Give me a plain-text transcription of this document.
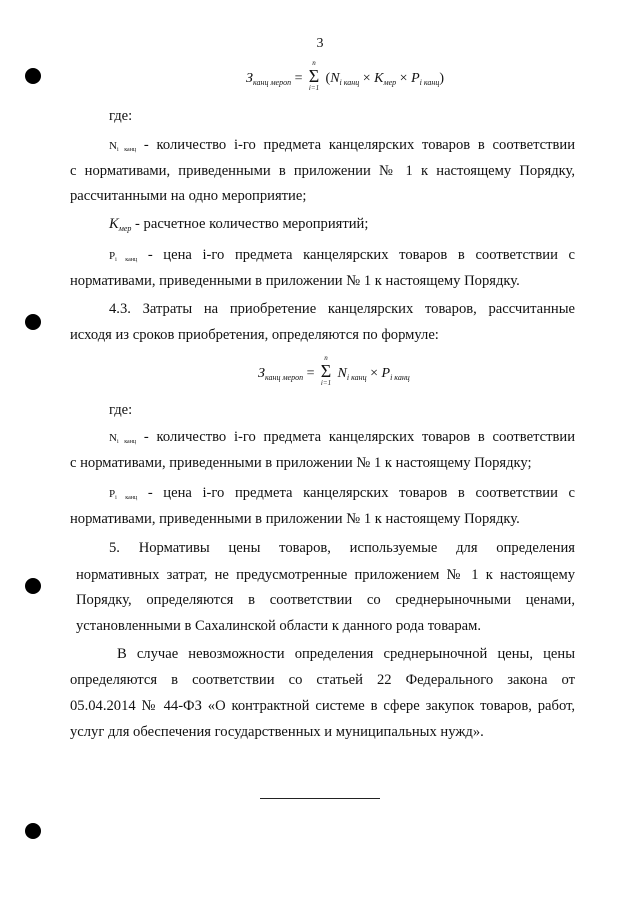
3
$З_{канц мероп} = \Sigma$
n
i=1
$(N_{i канц} \times K_{мер} \times P_{i канц})$
где:
$N_{i канц}$ - количество i-го предмета канцелярских товаров в соответствии
с нормативами, приведенными в приложении № 1 к настоящему Порядку,
рассчитанными на одно мероприятие;
$K_{мер}$ - расчетное количество мероприятий;
$P_{i канц}$ - цена i-го предмета канцелярских товаров в соответствии с
нормативами, приведенными в приложении № 1 к настоящему Порядку.
4.3. Затраты на приобретение канцелярских товаров, рассчитанные
исходя из сроков приобретения, определяются по формуле:
$З_{канц мероп} = \Sigma$
n
i=1
$N_{i канц} \times P_{i канц}$
где:
$N_{i канц}$ - количество i-го предмета канцелярских товаров в соответствии
с нормативами, приведенными в приложении № 1 к настоящему Порядку;
$P_{i канц}$ - цена i-го предмета канцелярских товаров в соответствии с
нормативами, приведенными в приложении № 1 к настоящему Порядку.
5. Нормативы цены товаров, используемые для определения
нормативных затрат, не предусмотренные приложением № 1 к настоящему
Порядку, определяются в соответствии со среднерыночными ценами,
установленными в Сахалинской области к данного рода товарам.
В случае невозможности определения среднерыночной цены, цены
определяются в соответствии со статьей 22 Федерального закона от
05.04.2014 № 44-ФЗ «О контрактной системе в сфере закупок товаров, работ,
услуг для обеспечения государственных и муниципальных нужд».
